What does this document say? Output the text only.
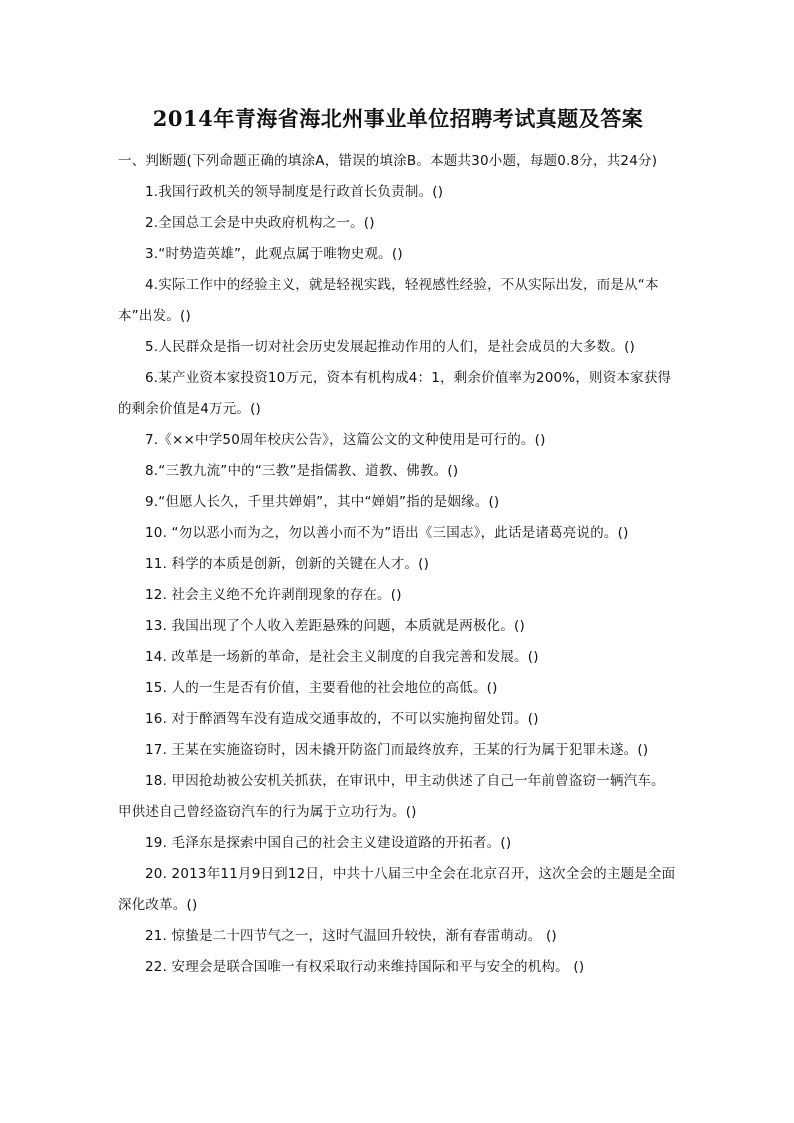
2014年青海省海北州事业单位招聘考试真题及答案

一、判断题(下列命题正确的填涂A，错误的填涂B。本题共30小题，每题0.8分，共24分)

1.我国行政机关的领导制度是行政首长负责制。()

2.全国总工会是中央政府机构之一。()

3.“时势造英雄”，此观点属于唯物史观。()

4.实际工作中的经验主义，就是轻视实践，轻视感性经验，不从实际出发，而是从“本本”出发。()

5.人民群众是指一切对社会历史发展起推动作用的人们，是社会成员的大多数。()

6.某产业资本家投资10万元，资本有机构成4：1，剩余价值率为200%，则资本家获得的剩余价值是4万元。()

7.《××中学50周年校庆公告》，这篇公文的文种使用是可行的。()

8.“三教九流”中的“三教”是指儒教、道教、佛教。()

9.“但愿人长久，千里共婵娟”，其中“婵娟”指的是姻缘。()

10. “勿以恶小而为之，勿以善小而不为”语出《三国志》，此话是诸葛亮说的。()

11. 科学的本质是创新，创新的关键在人才。()

12. 社会主义绝不允许剥削现象的存在。()

13. 我国出现了个人收入差距悬殊的问题，本质就是两极化。()

14. 改革是一场新的革命，是社会主义制度的自我完善和发展。()

15. 人的一生是否有价值，主要看他的社会地位的高低。()

16. 对于醉酒驾车没有造成交通事故的，不可以实施拘留处罚。()

17. 王某在实施盗窃时，因未撬开防盗门而最终放弃，王某的行为属于犯罪未遂。()

18. 甲因抢劫被公安机关抓获，在审讯中，甲主动供述了自己一年前曾盗窃一辆汽车。甲供述自己曾经盗窃汽车的行为属于立功行为。()

19. 毛泽东是探索中国自己的社会主义建设道路的开拓者。()

20. 2013年11月9日到12日，中共十八届三中全会在北京召开，这次全会的主题是全面深化改革。()

21. 惊蛰是二十四节气之一，这时气温回升较快，渐有春雷萌动。 ()

22. 安理会是联合国唯一有权采取行动来维持国际和平与安全的机构。 ()
